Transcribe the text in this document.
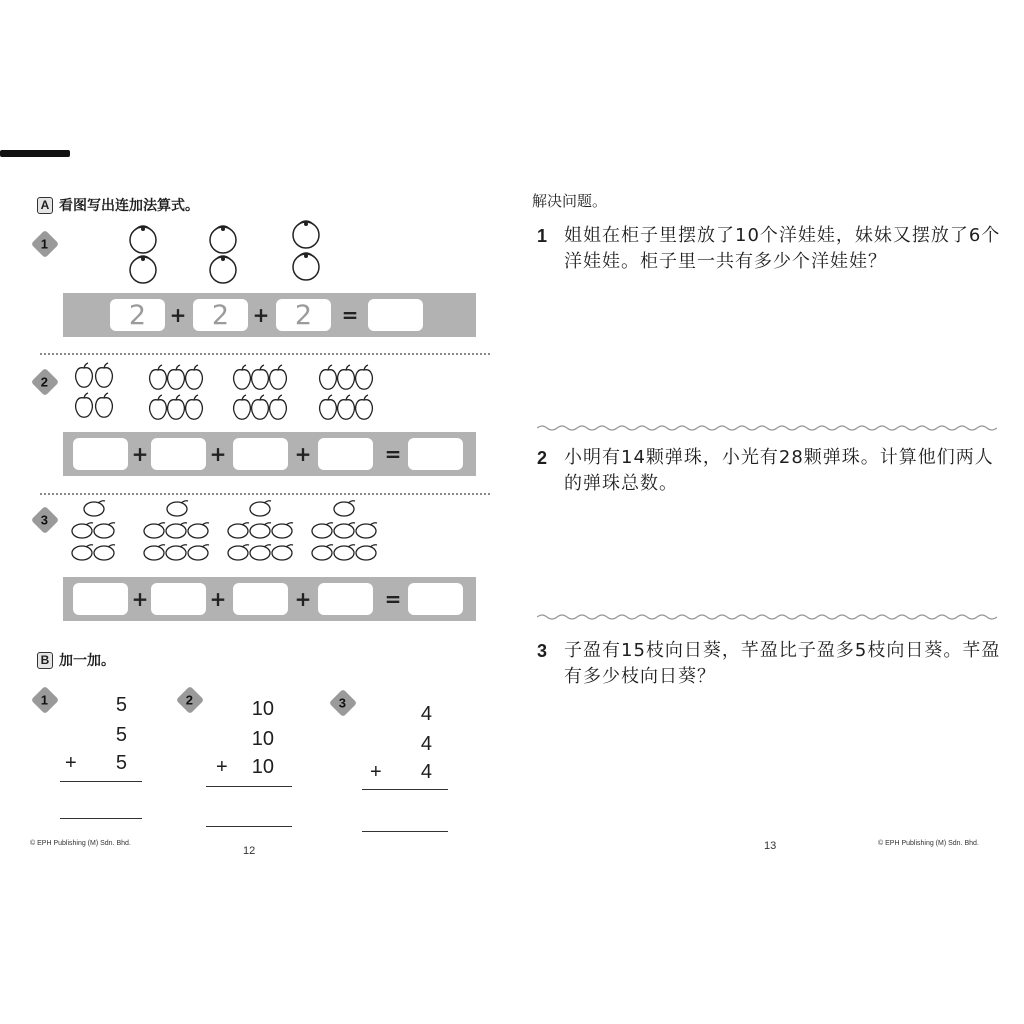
A 看图写出连加法算式。
1
2	+ 2	+ 2	=
2
+	+	+	=
3
+	+	+	=
B 加一加。
1	5
5
+ 5
2	10
10
+ 10
3
4
4
+ 4
© EPH Publishing (M) Sdn. Bhd.
12
解决问题。
1 姐姐在柜子里摆放了10个洋娃娃，妹妹又摆放了6个洋娃娃。柜子里一共有多少个洋娃娃？
2 小明有14颗弹珠，小光有28颗弹珠。计算他们两人的弹珠总数。
3 子盈有15枝向日葵，芊盈比子盈多5枝向日葵。芊盈有多少枝向日葵？
13	© EPH Publishing (M) Sdn. Bhd.
